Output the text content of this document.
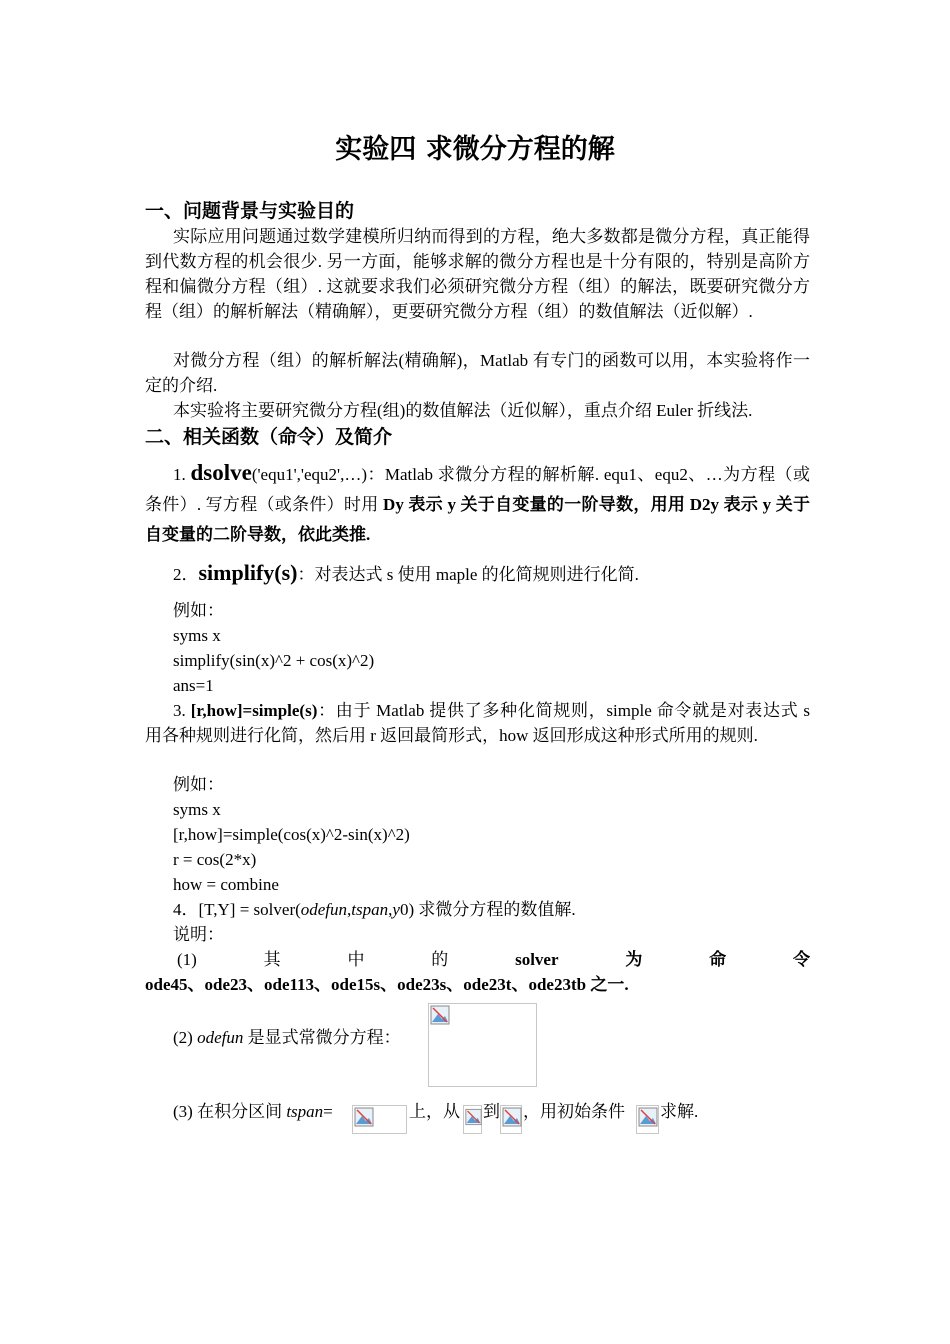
实验四 求微分方程的解
一、问题背景与实验目的
实际应用问题通过数学建模所归纳而得到的方程，绝大多数都是微分方程，真正能得到代数方程的机会很少. 另一方面，能够求解的微分方程也是十分有限的，特别是高阶方程和偏微分方程（组）. 这就要求我们必须研究微分方程（组）的解法，既要研究微分方程（组）的解析解法（精确解），更要研究微分方程（组）的数值解法（近似解）.
对微分方程（组）的解析解法(精确解)，Matlab 有专门的函数可以用，本实验将作一定的介绍.
本实验将主要研究微分方程(组)的数值解法（近似解），重点介绍 Euler 折线法.
二、相关函数（命令）及简介
1. dsolve('equ1','equ2',…)：Matlab 求微分方程的解析解. equ1、equ2、…为方程（或条件）. 写方程（或条件）时用 Dy 表示 y 关于自变量的一阶导数，用用 D2y 表示 y 关于自变量的二阶导数，依此类推.
2．simplify(s)：对表达式 s 使用 maple 的化简规则进行化简.
例如：
syms x
simplify(sin(x)^2 + cos(x)^2)
ans=1
3. [r,how]=simple(s)：由于 Matlab 提供了多种化简规则，simple 命令就是对表达式 s 用各种规则进行化简，然后用 r 返回最简形式，how 返回形成这种形式所用的规则.
例如：
syms x
[r,how]=simple(cos(x)^2-sin(x)^2)
r = cos(2*x)
how = combine
4．[T,Y] = solver(odefun,tspan,y0) 求微分方程的数值解.
说明：
(1)	其	中	的	solver	为	命	令
ode45、ode23、ode113、ode15s、ode23s、ode23t、ode23tb 之一.
(2) odefun 是显式常微分方程：
(3) 在积分区间 tspan=	上，从 到 ，用初始条件 求解.
